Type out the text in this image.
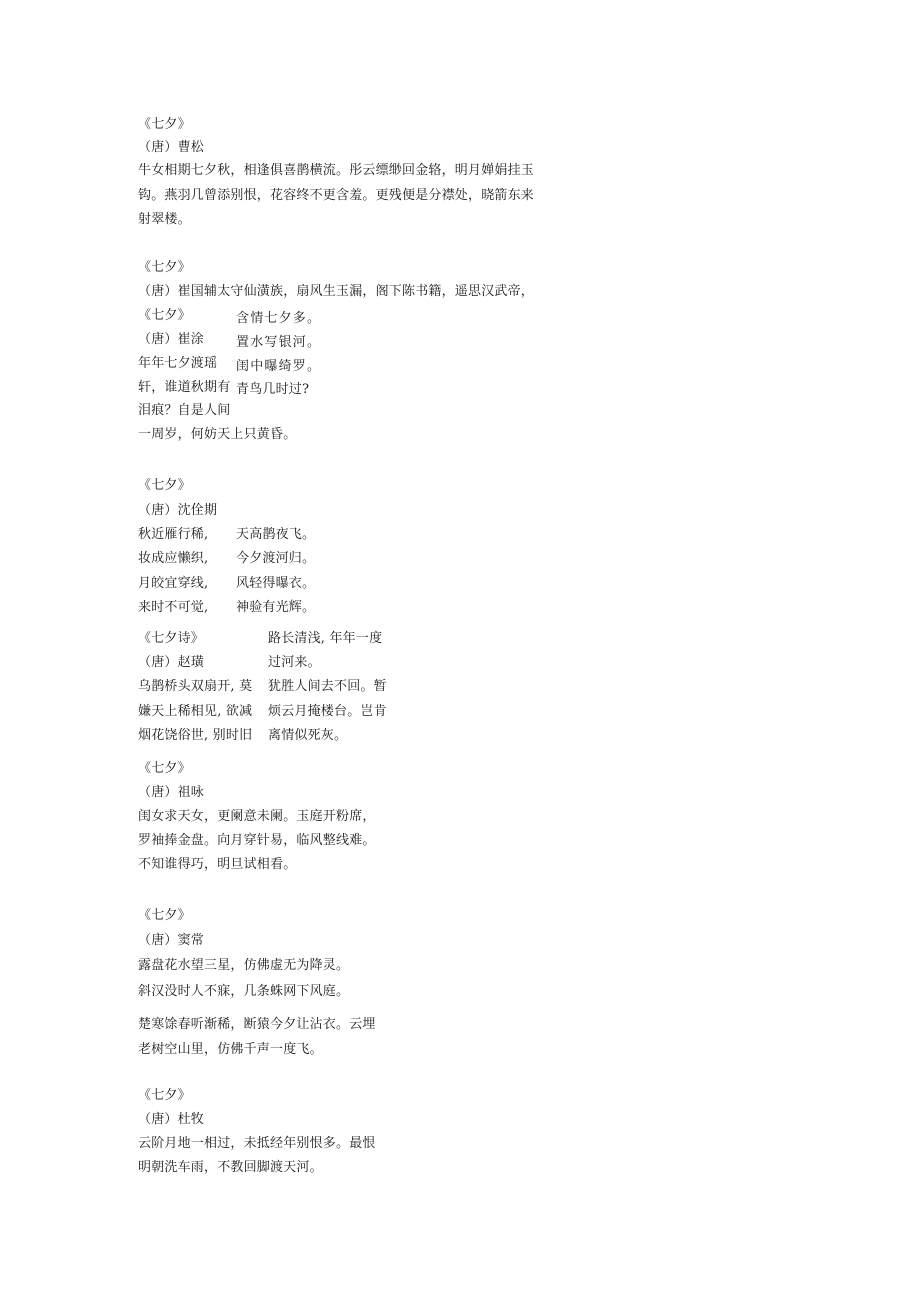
《七夕》
（唐）曹松
牛女相期七夕秋，相逢俱喜鹊横流。彤云缥缈回金辂，明月婵娟挂玉
钩。燕羽几曾添别恨，花容终不更含羞。更残便是分襟处，晓箭东来
射翠楼。
《七夕》
（唐）崔国辅太守仙潢族，扇风生玉漏，阁下陈书籍，遥思汉武帝，
《七夕》
（唐）崔涂
年年七夕渡瑶
轩，谁道秋期有
泪痕？自是人间
一周岁，何妨天上只黄昏。
含情七夕多。
置水写银河。
闺中曝绮罗。
青鸟几时过?
《七夕》
（唐）沈佺期
秋近雁行稀,
妆成应懒织,
月皎宜穿线,
来时不可觉,
天高鹊夜飞。
今夕渡河归。
风轻得曝衣。
神验有光辉。
《七夕诗》
（唐）赵璜
乌鹊桥头双扇开, 莫
嫌天上稀相见, 欲减
烟花饶俗世, 别时旧
路长清浅, 年年一度
过河来。
犹胜人间去不回。暂
烦云月掩楼台。岂肯
离情似死灰。
《七夕》
（唐）祖咏
闺女求天女，更阑意未阑。玉庭开粉席，
罗袖捧金盘。向月穿针易，临风整线难。
不知谁得巧，明旦试相看。
《七夕》
（唐）窦常
露盘花水望三星，仿佛虚无为降灵。
斜汉没时人不寐，几条蛛网下风庭。
楚寒馀春听渐稀，断猿今夕让沾衣。云埋
老树空山里，仿佛千声一度飞。
《七夕》
（唐）杜牧
云阶月地一相过，未抵经年别恨多。最恨
明朝洗车雨，不教回脚渡天河。
